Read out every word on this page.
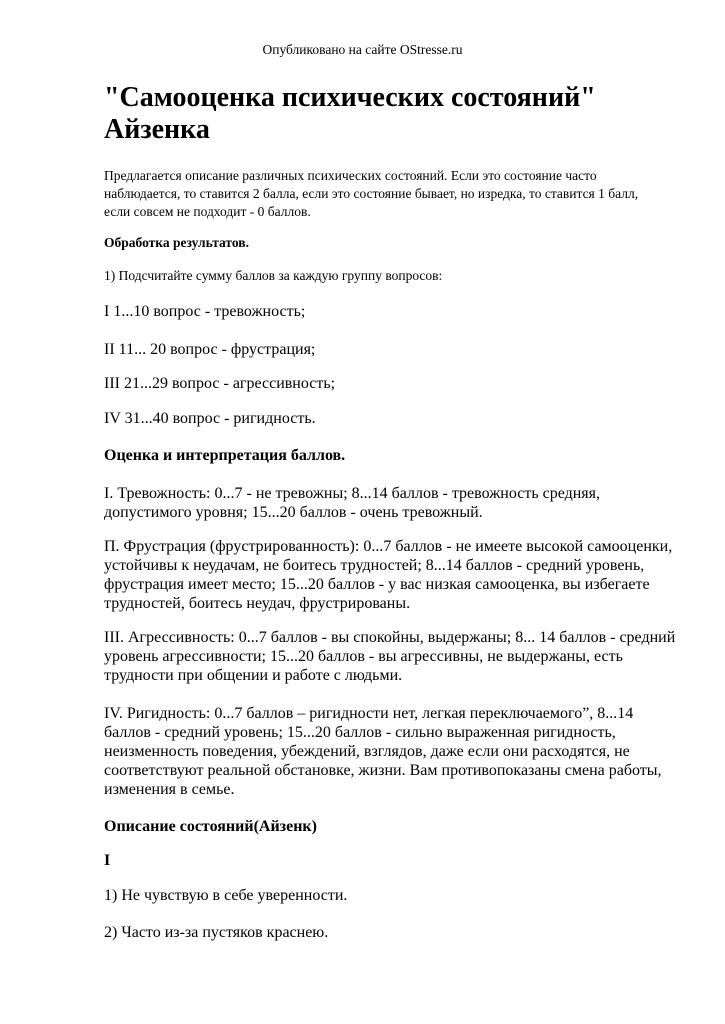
Опубликовано на сайте OStresse.ru
"Самооценка психических состояний" Айзенка

Предлагается описание различных психических состояний. Если это состояние часто наблюдается, то ставится 2 балла, если это состояние бывает, но изредка, то ставится 1 балл, если совсем не подходит - 0 баллов.

Обработка результатов.

1) Подсчитайте сумму баллов за каждую группу вопросов:

I 1...10 вопрос - тревожность;

II 11... 20 вопрос - фрустрация;

III 21...29 вопрос - агрессивность;

IV 31...40 вопрос - ригидность.

Оценка и интерпретация баллов.

I. Тревожность: 0...7 - не тревожны; 8...14 баллов - тревожность средняя, допустимого уровня; 15...20 баллов - очень тревожный.

П. Фрустрация (фрустрированность): 0...7 баллов - не имеете высокой самооценки, устойчивы к неудачам, не боитесь трудностей; 8...14 баллов - средний уровень, фрустрация имеет место; 15...20 баллов - у вас низкая самооценка, вы избегаете трудностей, боитесь неудач, фрустрированы.

III. Агрессивность: 0...7 баллов - вы спокойны, выдержаны; 8... 14 баллов - средний уровень агрессивности; 15...20 баллов - вы агрессивны, не выдержаны, есть трудности при общении и работе с людьми.

IV. Ригидность: 0...7 баллов – ригидности нет, легкая переключаемого”, 8...14 баллов - средний уровень; 15...20 баллов - сильно выраженная ригидность, неизменность поведения, убеждений, взглядов, даже если они расходятся, не соответствуют реальной обстановке, жизни. Вам противопоказаны смена работы, изменения в семье.

Описание состояний(Айзенк)

I

1) Не чувствую в себе уверенности.

2) Часто из-за пустяков краснею.
